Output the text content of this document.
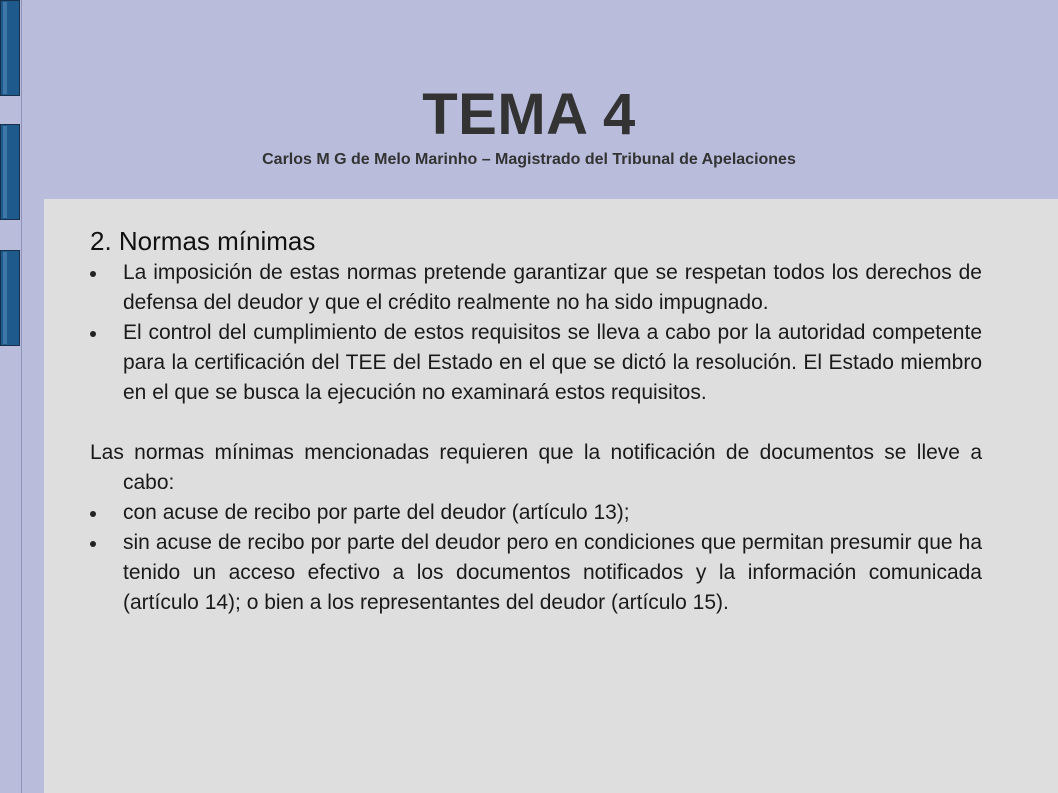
TEMA 4
Carlos M G de Melo Marinho – Magistrado del Tribunal de Apelaciones
2. Normas mínimas
La imposición de estas normas pretende garantizar que se respetan todos los derechos de defensa del deudor y que el crédito realmente no ha sido impugnado.
El control del cumplimiento de estos requisitos se lleva a cabo por la autoridad competente para la certificación del TEE del Estado en el que se dictó la resolución. El Estado miembro en el que se busca la ejecución no examinará estos requisitos.
Las normas mínimas mencionadas requieren que la notificación de documentos se lleve a cabo:
con acuse de recibo por parte del deudor (artículo 13);
sin acuse de recibo por parte del deudor pero en condiciones que permitan presumir que ha tenido un acceso efectivo a los documentos notificados y la información comunicada (artículo 14); o bien a los representantes del deudor (artículo 15).
